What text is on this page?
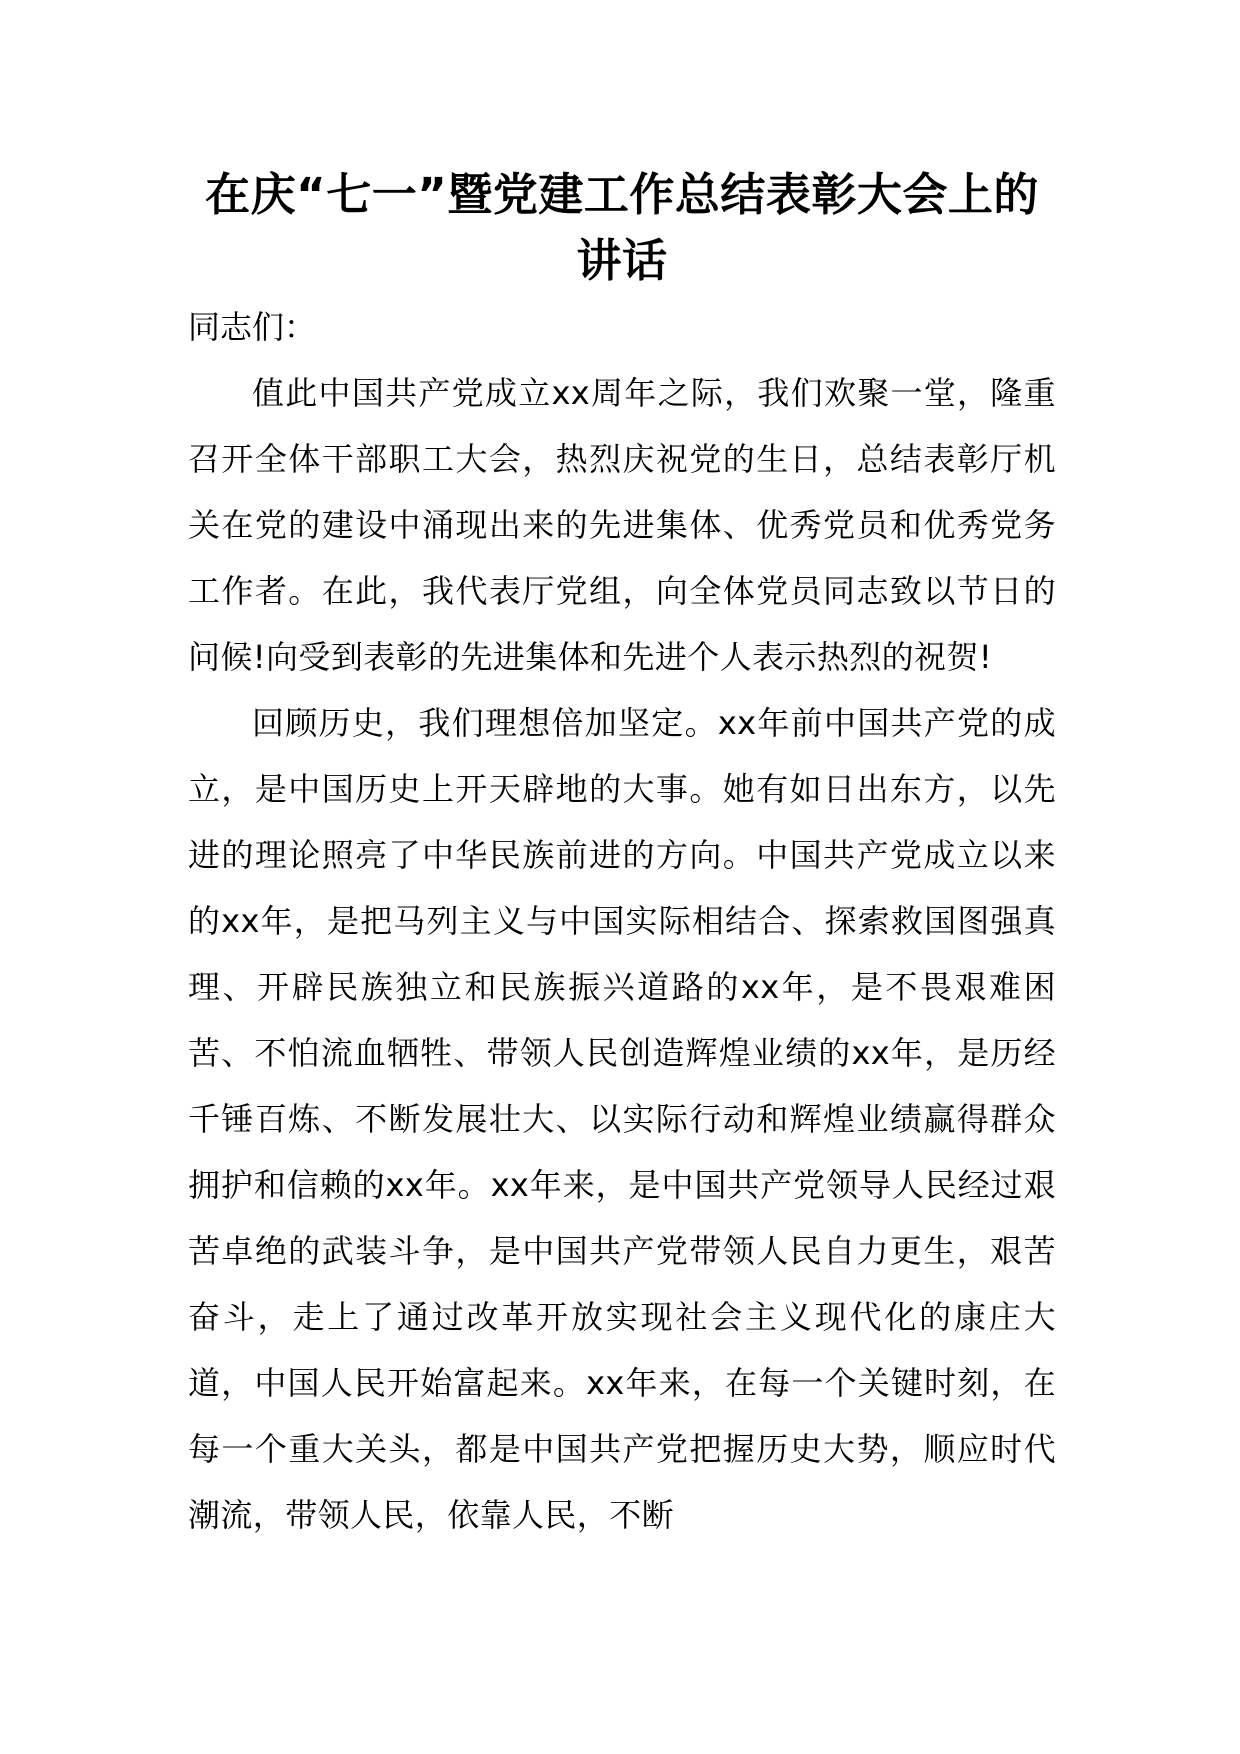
在庆“七一”暨党建工作总结表彰大会上的讲话

同志们：

值此中国共产党成立xx周年之际，我们欢聚一堂，隆重召开全体干部职工大会，热烈庆祝党的生日，总结表彰厅机关在党的建设中涌现出来的先进集体、优秀党员和优秀党务工作者。在此，我代表厅党组，向全体党员同志致以节日的问候!向受到表彰的先进集体和先进个人表示热烈的祝贺!

回顾历史，我们理想倍加坚定。xx年前中国共产党的成立，是中国历史上开天辟地的大事。她有如日出东方，以先进的理论照亮了中华民族前进的方向。中国共产党成立以来的xx年，是把马列主义与中国实际相结合、探索救国图强真理、开辟民族独立和民族振兴道路的xx年，是不畏艰难困苦、不怕流血牺牲、带领人民创造辉煌业绩的xx年，是历经千锤百炼、不断发展壮大、以实际行动和辉煌业绩赢得群众拥护和信赖的xx年。xx年来，是中国共产党领导人民经过艰苦卓绝的武装斗争，是中国共产党带领人民自力更生，艰苦奋斗，走上了通过改革开放实现社会主义现代化的康庄大道，中国人民开始富起来。xx年来，在每一个关键时刻，在每一个重大关头，都是中国共产党把握历史大势，顺应时代潮流，带领人民，依靠人民，不断
